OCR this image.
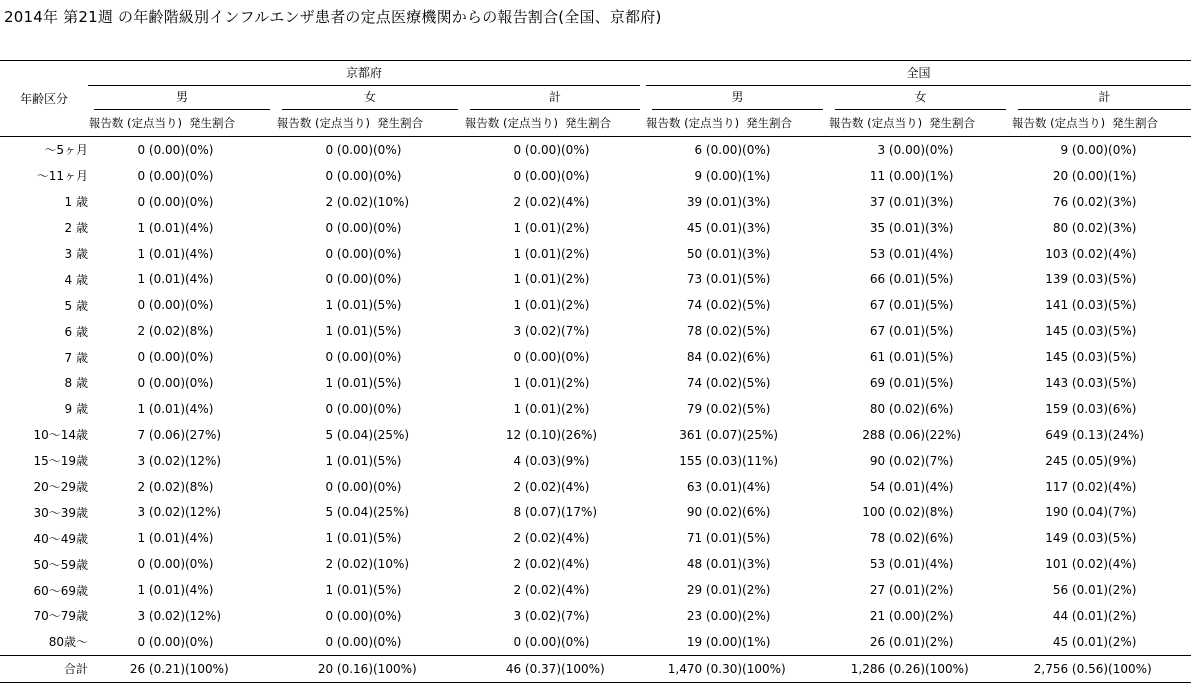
2014年 第21週 の年齢階級別インフルエンザ患者の定点医療機関からの報告割合(全国、京都府)

	京都府						全国					

年齢区分	男		女		計		男		女		計	

	報告数 (定点当り)	発生割合	報告数 (定点当り)	発生割合	報告数 (定点当り)	発生割合	報告数 (定点当り)	発生割合	報告数 (定点当り)	発生割合	報告数 (定点当り)	発生割合
〜5ヶ月	0 (0.00)	(0%)	0 (0.00)	(0%)	0 (0.00)	(0%)	6 (0.00)	(0%)	3 (0.00)	(0%)	9 (0.00)	(0%)
〜11ヶ月	0 (0.00)	(0%)	0 (0.00)	(0%)	0 (0.00)	(0%)	9 (0.00)	(1%)	11 (0.00)	(1%)	20 (0.00)	(1%)
1 歳	0 (0.00)	(0%)	2 (0.02)	(10%)	2 (0.02)	(4%)	39 (0.01)	(3%)	37 (0.01)	(3%)	76 (0.02)	(3%)
2 歳	1 (0.01)	(4%)	0 (0.00)	(0%)	1 (0.01)	(2%)	45 (0.01)	(3%)	35 (0.01)	(3%)	80 (0.02)	(3%)
3 歳	1 (0.01)	(4%)	0 (0.00)	(0%)	1 (0.01)	(2%)	50 (0.01)	(3%)	53 (0.01)	(4%)	103 (0.02)	(4%)
4 歳	1 (0.01)	(4%)	0 (0.00)	(0%)	1 (0.01)	(2%)	73 (0.01)	(5%)	66 (0.01)	(5%)	139 (0.03)	(5%)
5 歳	0 (0.00)	(0%)	1 (0.01)	(5%)	1 (0.01)	(2%)	74 (0.02)	(5%)	67 (0.01)	(5%)	141 (0.03)	(5%)
6 歳	2 (0.02)	(8%)	1 (0.01)	(5%)	3 (0.02)	(7%)	78 (0.02)	(5%)	67 (0.01)	(5%)	145 (0.03)	(5%)
7 歳	0 (0.00)	(0%)	0 (0.00)	(0%)	0 (0.00)	(0%)	84 (0.02)	(6%)	61 (0.01)	(5%)	145 (0.03)	(5%)
8 歳	0 (0.00)	(0%)	1 (0.01)	(5%)	1 (0.01)	(2%)	74 (0.02)	(5%)	69 (0.01)	(5%)	143 (0.03)	(5%)
9 歳	1 (0.01)	(4%)	0 (0.00)	(0%)	1 (0.01)	(2%)	79 (0.02)	(5%)	80 (0.02)	(6%)	159 (0.03)	(6%)
10〜14歳	7 (0.06)	(27%)	5 (0.04)	(25%)	12 (0.10)	(26%)	361 (0.07)	(25%)	288 (0.06)	(22%)	649 (0.13)	(24%)
15〜19歳	3 (0.02)	(12%)	1 (0.01)	(5%)	4 (0.03)	(9%)	155 (0.03)	(11%)	90 (0.02)	(7%)	245 (0.05)	(9%)
20〜29歳	2 (0.02)	(8%)	0 (0.00)	(0%)	2 (0.02)	(4%)	63 (0.01)	(4%)	54 (0.01)	(4%)	117 (0.02)	(4%)
30〜39歳	3 (0.02)	(12%)	5 (0.04)	(25%)	8 (0.07)	(17%)	90 (0.02)	(6%)	100 (0.02)	(8%)	190 (0.04)	(7%)
40〜49歳	1 (0.01)	(4%)	1 (0.01)	(5%)	2 (0.02)	(4%)	71 (0.01)	(5%)	78 (0.02)	(6%)	149 (0.03)	(5%)
50〜59歳	0 (0.00)	(0%)	2 (0.02)	(10%)	2 (0.02)	(4%)	48 (0.01)	(3%)	53 (0.01)	(4%)	101 (0.02)	(4%)
60〜69歳	1 (0.01)	(4%)	1 (0.01)	(5%)	2 (0.02)	(4%)	29 (0.01)	(2%)	27 (0.01)	(2%)	56 (0.01)	(2%)
70〜79歳	3 (0.02)	(12%)	0 (0.00)	(0%)	3 (0.02)	(7%)	23 (0.00)	(2%)	21 (0.00)	(2%)	44 (0.01)	(2%)
80歳〜	0 (0.00)	(0%)	0 (0.00)	(0%)	0 (0.00)	(0%)	19 (0.00)	(1%)	26 (0.01)	(2%)	45 (0.01)	(2%)
合計	26 (0.21)	(100%)	20 (0.16)	(100%)	46 (0.37)	(100%)	1,470 (0.30)	(100%)	1,286 (0.26)	(100%)	2,756 (0.56)	(100%)
